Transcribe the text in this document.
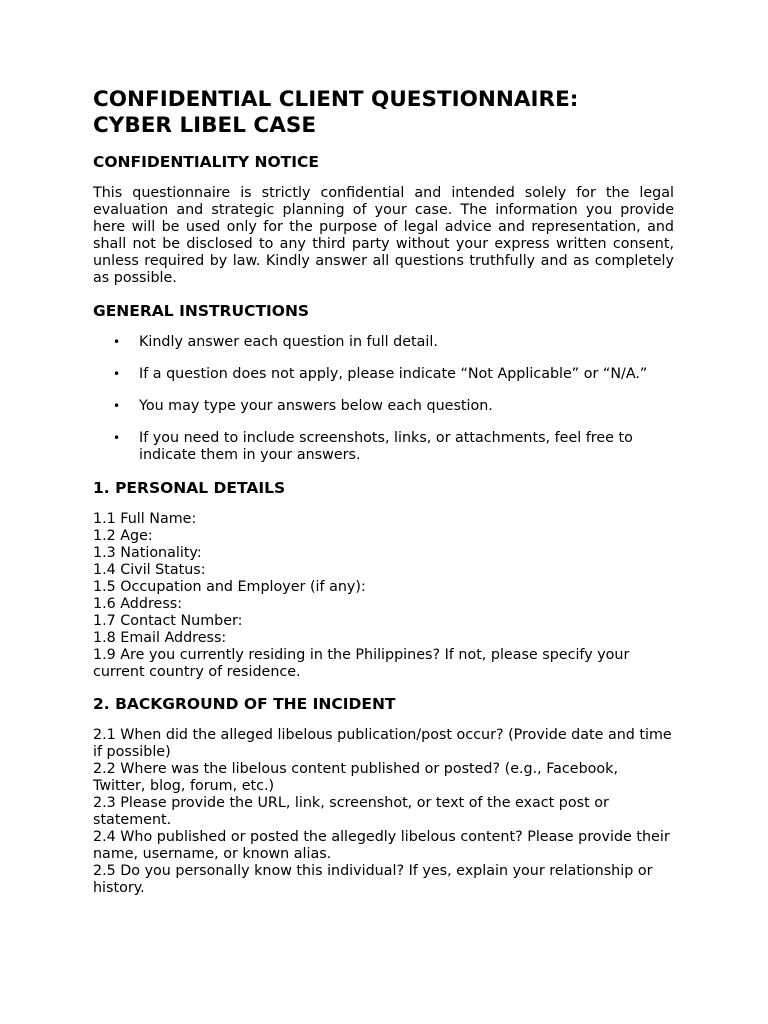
CONFIDENTIAL CLIENT QUESTIONNAIRE:
CYBER LIBEL CASE
CONFIDENTIALITY NOTICE

This questionnaire is strictly confidential and intended solely for the legal evaluation and strategic planning of your case. The information you provide here will be used only for the purpose of legal advice and representation, and shall not be disclosed to any third party without your express written consent, unless required by law. Kindly answer all questions truthfully and as completely as possible.

GENERAL INSTRUCTIONS
• Kindly answer each question in full detail.
• If a question does not apply, please indicate “Not Applicable” or “N/A.”
• You may type your answers below each question.
• If you need to include screenshots, links, or attachments, feel free to indicate them in your answers.
1. PERSONAL DETAILS

1.1 Full Name:

1.2 Age:

1.3 Nationality:

1.4 Civil Status:

1.5 Occupation and Employer (if any):

1.6 Address:

1.7 Contact Number:

1.8 Email Address:

1.9 Are you currently residing in the Philippines? If not, please specify your current country of residence.

2. BACKGROUND OF THE INCIDENT

2.1 When did the alleged libelous publication/post occur? (Provide date and time if possible)

2.2 Where was the libelous content published or posted? (e.g., Facebook, Twitter, blog, forum, etc.)

2.3 Please provide the URL, link, screenshot, or text of the exact post or statement.

2.4 Who published or posted the allegedly libelous content? Please provide their name, username, or known alias.

2.5 Do you personally know this individual? If yes, explain your relationship or history.
